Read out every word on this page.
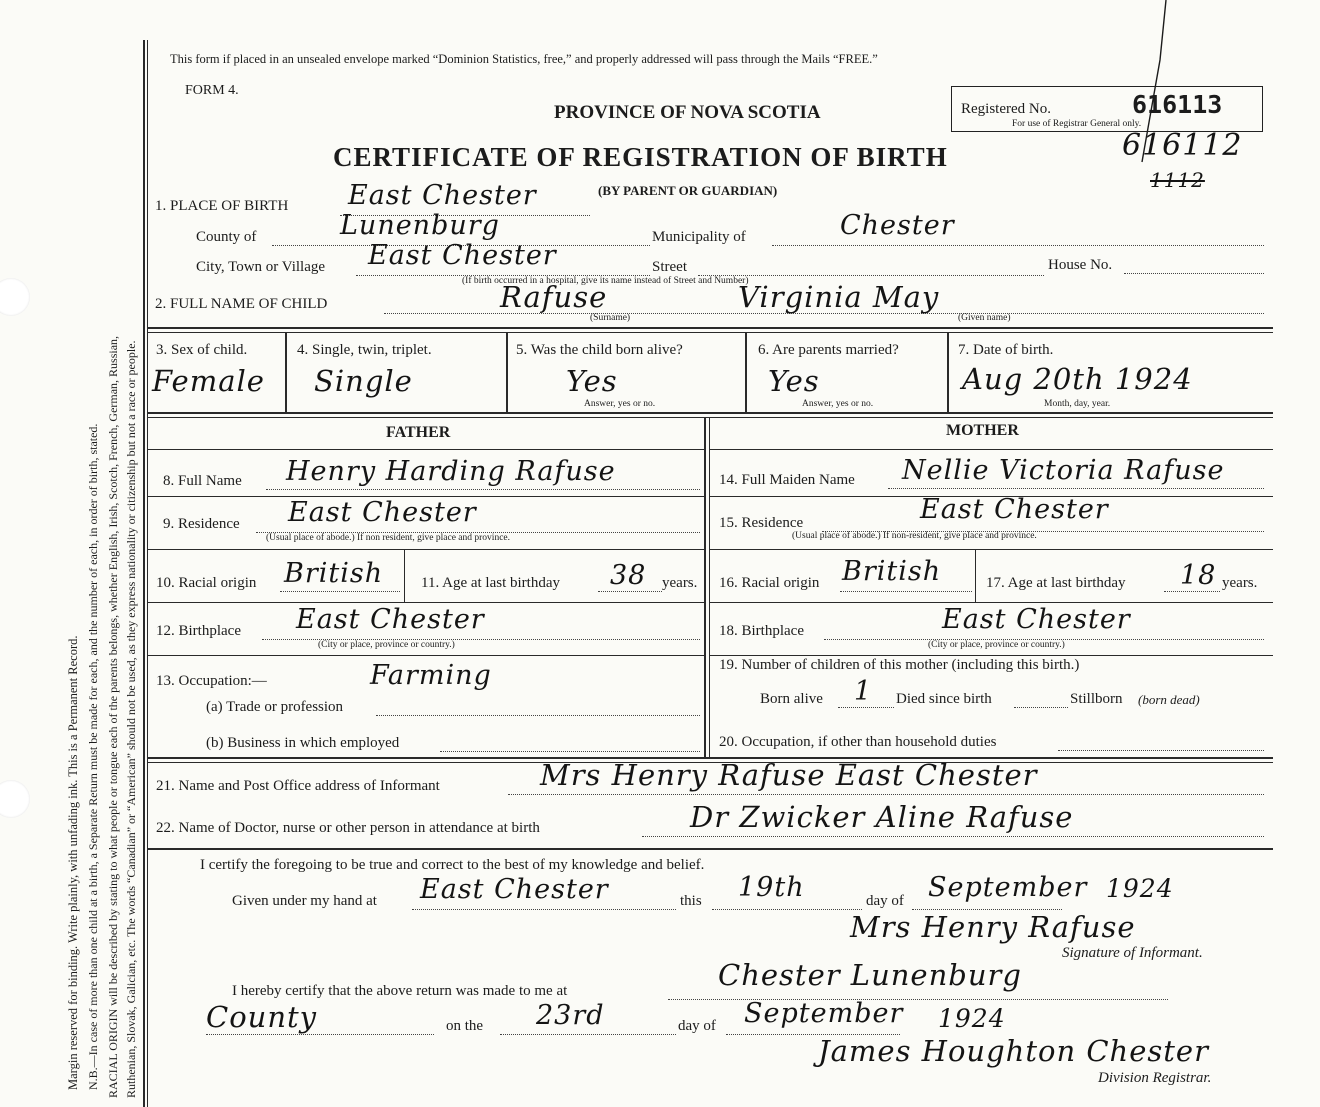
Margin reserved for binding. Write plainly, with unfading ink. This is a Permanent Record. N.B.—In case of more than one child at a birth, a Separate Return must be made for each, and the number of each, in order of birth, stated. RACIAL ORIGIN will be described by stating to what people or tongue each of the parents belongs, whether English, Irish, Scotch, French, German, Russian, Ruthenian, Slovak, Galician, etc. The words “Canadian” or “American” should not be used, as they express nationality or citizenship but not a race or people.
This form if placed in an unsealed envelope marked “Dominion Statistics, free,” and properly addressed will pass through the Mails “FREE.”
FORM 4.
PROVINCE OF NOVA SCOTIA
CERTIFICATE OF REGISTRATION OF BIRTH
(BY PARENT OR GUARDIAN)
Registered No.	616113
For use of Registrar General only.
616112
1112
1. PLACE OF BIRTH East Chester
County of	Lunenburg	Municipality of	Chester
City, Town or Village East Chester	Street	House No.
(If birth occurred in a hospital, give its name instead of Street and Number)
2. FULL NAME OF CHILD	Rafuse	Virginia May
(Surname)	(Given name)
3. Sex of child.
Female
4. Single, twin, triplet.
Single
5. Was the child born alive?
Yes
Answer, yes or no.
6. Are parents married?
Yes
Answer, yes or no.
7. Date of birth.
Aug 20th 1924
Month, day, year.
FATHER	MOTHER
8. Full Name Henry Harding Rafuse
9. Residence East Chester
(Usual place of abode.) If non resident, give place and province.
10. Racial origin British	11. Age at last birthday 38 years.
12. Birthplace East Chester
(City or place, province or country.)
13. Occupation:—	Farming
(a) Trade or profession
(b) Business in which employed
14. Full Maiden Name Nellie Victoria Rafuse
15. Residence	East Chester
(Usual place of abode.) If non-resident, give place and province.
16. Racial origin British	17. Age at last birthday 18 years.
18. Birthplace	East Chester
(City or place, province or country.)
19. Number of children of this mother (including this birth.)
Born alive 1 Died since birth	Stillborn (born dead)
20. Occupation, if other than household duties
21. Name and Post Office address of Informant	Mrs Henry Rafuse East Chester
22. Name of Doctor, nurse or other person in attendance at birth	Dr Zwicker Aline Rafuse
I certify the foregoing to be true and correct to the best of my knowledge and belief.
Given under my hand at East Chester	this 19th	day of September 1924
Mrs Henry Rafuse
Signature of Informant.
I hereby certify that the above return was made to me at	Chester Lunenburg
County	on the 23rd	day of September 1924
James Houghton Chester
Division Registrar.
